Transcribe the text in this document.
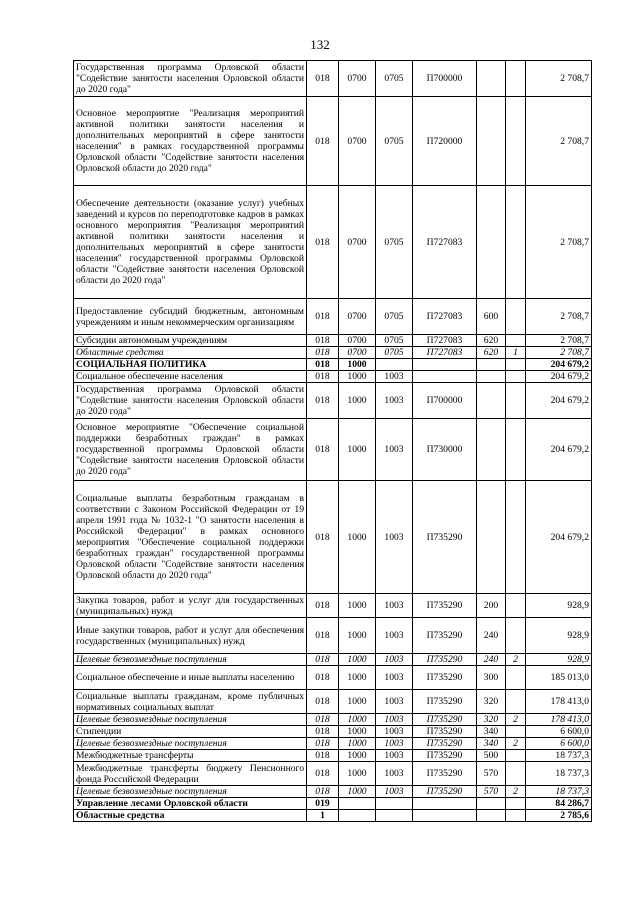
132
Государственная программа Орловской области "Содействие занятости населения Орловской области до 2020 года"	018	0700	0705	П700000			2 708,7
Основное мероприятие "Реализация мероприятий активной политики занятости населения и дополнительных мероприятий в сфере занятости населения" в рамках государственной программы Орловской области "Содействие занятости населения Орловской области до 2020 года"	018	0700	0705	П720000			2 708,7
Обеспечение деятельности (оказание услуг) учебных заведений и курсов по переподготовке кадров в рамках основного мероприятия "Реализация мероприятий активной политики занятости населения и дополнительных мероприятий в сфере занятости населения" государственной программы Орловской области "Содействие занятости населения Орловской области до 2020 года"	018	0700	0705	П727083			2 708,7
Предоставление субсидий бюджетным, автономным учреждениям и иным некоммерческим организациям	018	0700	0705	П727083	600		2 708,7
Субсидии автономным учреждениям	018	0700	0705	П727083	620		2 708,7
Областные средства	018	0700	0705	П727083	620	1	2 708,7
СОЦИАЛЬНАЯ ПОЛИТИКА	018	1000					204 679,2
Социальное обеспечение населения	018	1000	1003				204 679,2
Государственная программа Орловской области "Содействие занятости населения Орловской области до 2020 года"	018	1000	1003	П700000			204 679,2
Основное мероприятие "Обеспечение социальной поддержки безработных граждан" в рамках государственной программы Орловской области "Содействие занятости населения Орловской области до 2020 года"	018	1000	1003	П730000			204 679,2
Социальные выплаты безработным гражданам в соответствии с Законом Российской Федерации от 19 апреля 1991 года № 1032-1 "О занятости населения в Российской Федерации" в рамках основного мероприятия "Обеспечение социальной поддержки безработных граждан" государственной программы Орловской области "Содействие занятости населения Орловской области до 2020 года"	018	1000	1003	П735290			204 679,2
Закупка товаров, работ и услуг для государственных (муниципальных) нужд	018	1000	1003	П735290	200		928,9
Иные закупки товаров, работ и услуг для обеспечения государственных (муниципальных) нужд	018	1000	1003	П735290	240		928,9
Целевые безвозмездные поступления	018	1000	1003	П735290	240	2	928,9
Социальное обеспечение и иные выплаты населению	018	1000	1003	П735290	300		185 013,0
Социальные выплаты гражданам, кроме публичных нормативных социальных выплат	018	1000	1003	П735290	320		178 413,0
Целевые безвозмездные поступления	018	1000	1003	П735290	320	2	178 413,0
Стипендии	018	1000	1003	П735290	340		6 600,0
Целевые безвозмездные поступления	018	1000	1003	П735290	340	2	6 600,0
Межбюджетные трансферты	018	1000	1003	П735290	500		18 737,3
Межбюджетные трансферты бюджету Пенсионного фонда Российской Федерации	018	1000	1003	П735290	570		18 737,3
Целевые безвозмездные поступления	018	1000	1003	П735290	570	2	18 737,3
Управление лесами Орловской области	019						84 286,7
Областные средства	1						2 785,6
